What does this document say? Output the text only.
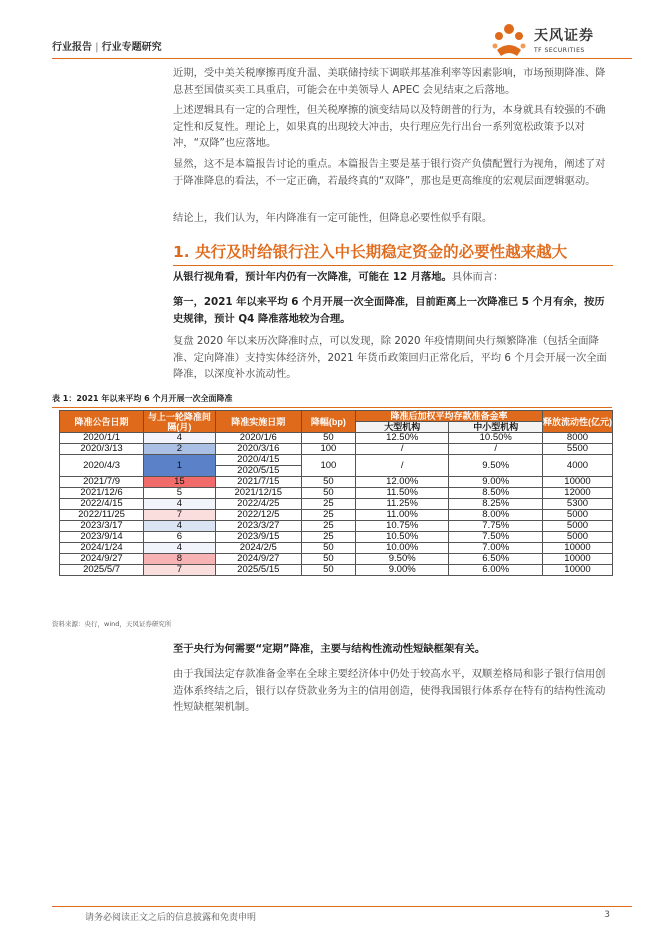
行业报告 | 行业专题研究
天风证券
TF SECURITIES
近期，受中美关税摩擦再度升温、美联储持续下调联邦基准利率等因素影响，市场预期降准、降息甚至国债买卖工具重启，可能会在中美领导人 APEC 会见结束之后落地。
上述逻辑具有一定的合理性，但关税摩擦的演变结局以及特朗普的行为，本身就具有较强的不确定性和反复性。理论上，如果真的出现较大冲击，央行理应先行出台一系列宽松政策予以对冲，“双降”也应落地。
显然，这不是本篇报告讨论的重点。本篇报告主要是基于银行资产负债配置行为视角，阐述了对于降准降息的看法，不一定正确，若最终真的“双降”，那也是更高维度的宏观层面逻辑驱动。
结论上，我们认为，年内降准有一定可能性，但降息必要性似乎有限。
1. 央行及时给银行注入中长期稳定资金的必要性越来越大
从银行视角看，预计年内仍有一次降准，可能在 12 月落地。具体而言：
第一，2021 年以来平均 6 个月开展一次全面降准，目前距离上一次降准已 5 个月有余，按历史规律，预计 Q4 降准落地较为合理。
复盘 2020 年以来历次降准时点，可以发现，除 2020 年疫情期间央行频繁降准（包括全面降准、定向降准）支持实体经济外，2021 年货币政策回归正常化后，平均 6 个月会开展一次全面降准，以深度补水流动性。
表 1：2021 年以来平均 6 个月开展一次全面降准
降准公告日期	与上一轮降准间隔(月)	降准实施日期	降幅(bp)	降准后加权平均存款准备金率		释放流动性(亿元)
				大型机构	中小型机构	
2020/1/1	4	2020/1/6	50	12.50%	10.50%	8000
2020/3/13	2	2020/3/16	100	/	/	5500
2020/4/3	1	2020/4/15	100	/	9.50%	4000
		2020/5/15				
2021/7/9	15	2021/7/15	50	12.00%	9.00%	10000
2021/12/6	5	2021/12/15	50	11.50%	8.50%	12000
2022/4/15	4	2022/4/25	25	11.25%	8.25%	5300
2022/11/25	7	2022/12/5	25	11.00%	8.00%	5000
2023/3/17	4	2023/3/27	25	10.75%	7.75%	5000
2023/9/14	6	2023/9/15	25	10.50%	7.50%	5000
2024/1/24	4	2024/2/5	50	10.00%	7.00%	10000
2024/9/27	8	2024/9/27	50	9.50%	6.50%	10000
2025/5/7	7	2025/5/15	50	9.00%	6.00%	10000
资料来源：央行，wind，天风证券研究所
至于央行为何需要“定期”降准，主要与结构性流动性短缺框架有关。
由于我国法定存款准备金率在全球主要经济体中仍处于较高水平，双顺差格局和影子银行信用创造体系终结之后，银行以存贷款业务为主的信用创造，使得我国银行体系存在特有的结构性流动性短缺框架机制。
请务必阅读正文之后的信息披露和免责申明	3
